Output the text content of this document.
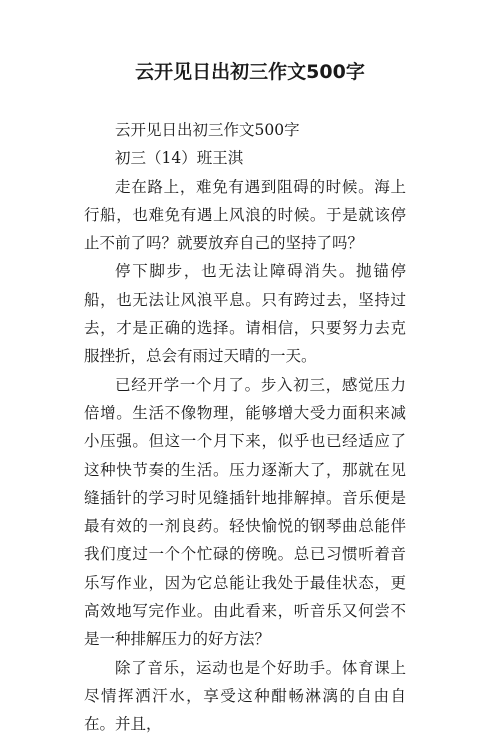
云开见日出初三作文500字

云开见日出初三作文500字

初三（14）班王淇

走在路上，难免有遇到阻碍的时候。海上行船，也难免有遇上风浪的时候。于是就该停止不前了吗？就要放弃自己的坚持了吗？

停下脚步，也无法让障碍消失。抛锚停船，也无法让风浪平息。只有跨过去，坚持过去，才是正确的选择。请相信，只要努力去克服挫折，总会有雨过天晴的一天。

已经开学一个月了。步入初三，感觉压力倍增。生活不像物理，能够增大受力面积来减小压强。但这一个月下来，似乎也已经适应了这种快节奏的生活。压力逐渐大了，那就在见缝插针的学习时见缝插针地排解掉。音乐便是最有效的一剂良药。轻快愉悦的钢琴曲总能伴我们度过一个个忙碌的傍晚。总已习惯听着音乐写作业，因为它总能让我处于最佳状态，更高效地写完作业。由此看来，听音乐又何尝不是一种排解压力的好方法？

除了音乐，运动也是个好助手。体育课上尽情挥洒汗水，享受这种酣畅淋漓的自由自在。并且，
